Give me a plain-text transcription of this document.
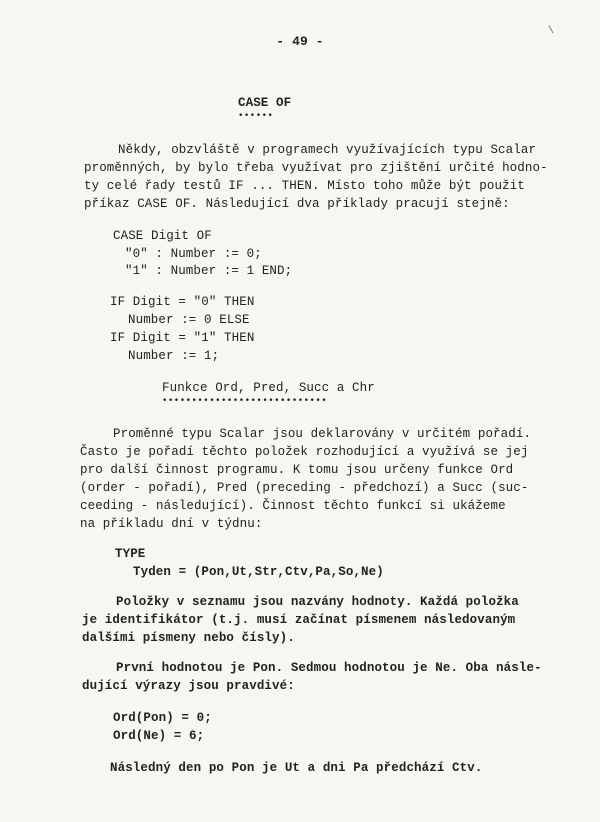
\
- 49 -
CASE OF
••••••
Někdy, obzvláště v programech využívajících typu Scalar
proměnných, by bylo třeba využívat pro zjištění určité hodno-
ty celé řady testů IF ... THEN. Místo toho může být použit
příkaz CASE OF. Následující dva příklady pracují stejně:
CASE Digit OF
"0" : Number := 0;
"1" : Number := 1 END;
IF Digit = "0" THEN
Number := 0 ELSE
IF Digit = "1" THEN
Number := 1;
Funkce Ord, Pred, Succ a Chr
••••••••••••••••••••••••••••
Proměnné typu Scalar jsou deklarovány v určitém pořadí.
Často je pořadí těchto položek rozhodující a využívá se jej
pro další činnost programu. K tomu jsou určeny funkce Ord
(order - pořadí), Pred (preceding - předchozí) a Succ (suc-
ceeding - následující). Činnost těchto funkcí si ukážeme
na příkladu dní v týdnu:
TYPE
Tyden = (Pon,Ut,Str,Ctv,Pa,So,Ne)
Položky v seznamu jsou nazvány hodnoty. Každá položka
je identifikátor (t.j. musí začínat písmenem následovaným
dalšími písmeny nebo čísly).
První hodnotou je Pon. Sedmou hodnotou je Ne. Oba násle-
dující výrazy jsou pravdivé:
Ord(Pon) = 0;
Ord(Ne) = 6;
Následný den po Pon je Ut a dni Pa předchází Ctv.
